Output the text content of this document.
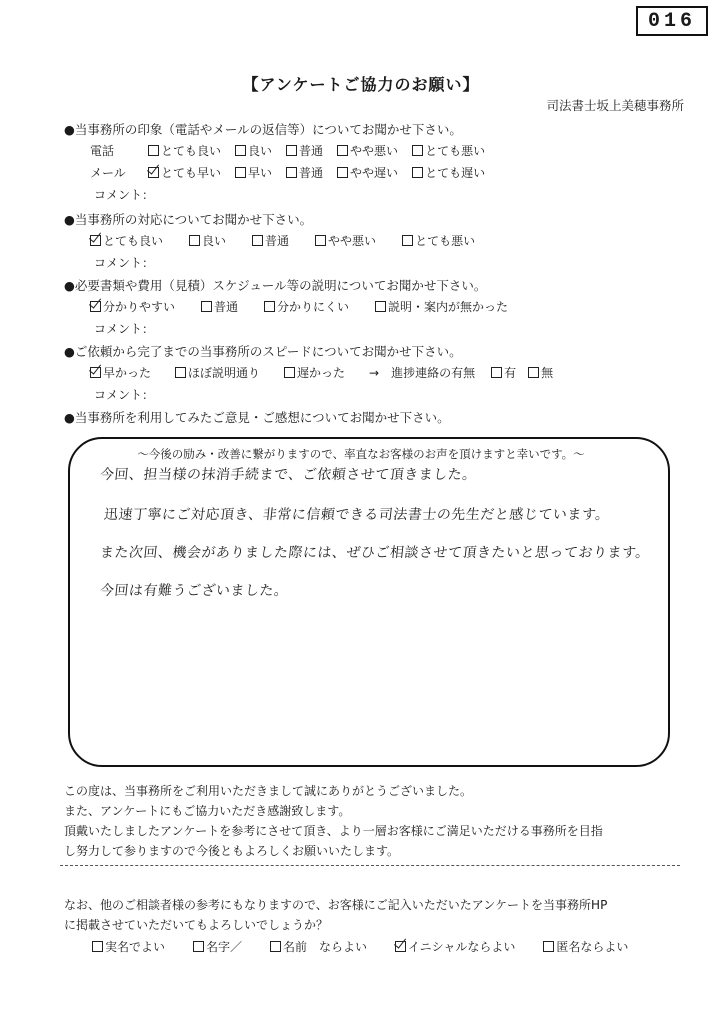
016
【アンケートご協力のお願い】
司法書士坂上美穂事務所
●当事務所の印象（電話やメールの返信等）についてお聞かせ下さい。
電話	とても良い 良い 普通 やや悪い とても悪い
メール	とても早い 早い 普通 やや遅い とても遅い
コメント：
●当事務所の対応についてお聞かせ下さい。
とても良い	良い	普通	やや悪い	とても悪い
コメント：
●必要書類や費用（見積）スケジュール等の説明についてお聞かせ下さい。
分かりやすい	普通	分かりにくい	説明・案内が無かった
コメント：
●ご依頼から完了までの当事務所のスピードについてお聞かせ下さい。
早かった	ほぼ説明通り	遅かった →　進捗連絡の有無 有 無
コメント：
●当事務所を利用してみたご意見・ご感想についてお聞かせ下さい。
～今後の励み・改善に繋がりますので、率直なお客様のお声を頂けますと幸いです。～
今回、担当様の抹消手続まで、ご依頼させて頂きました。
迅速丁寧にご対応頂き、非常に信頼できる司法書士の先生だと感じています。
また次回、機会がありました際には、ぜひご相談させて頂きたいと思っております。
今回は有難うございました。
この度は、当事務所をご利用いただきまして誠にありがとうございました。
また、アンケートにもご協力いただき感謝致します。
頂戴いたしましたアンケートを参考にさせて頂き、より一層お客様にご満足いただける事務所を目指
し努力して参りますので今後ともよろしくお願いいたします。
なお、他のご相談者様の参考にもなりますので、お客様にご記入いただいたアンケートを当事務所HP
に掲載させていただいてもよろしいでしょうか？
実名でよい	名字／	名前　ならよい	イニシャルならよい	匿名ならよい
